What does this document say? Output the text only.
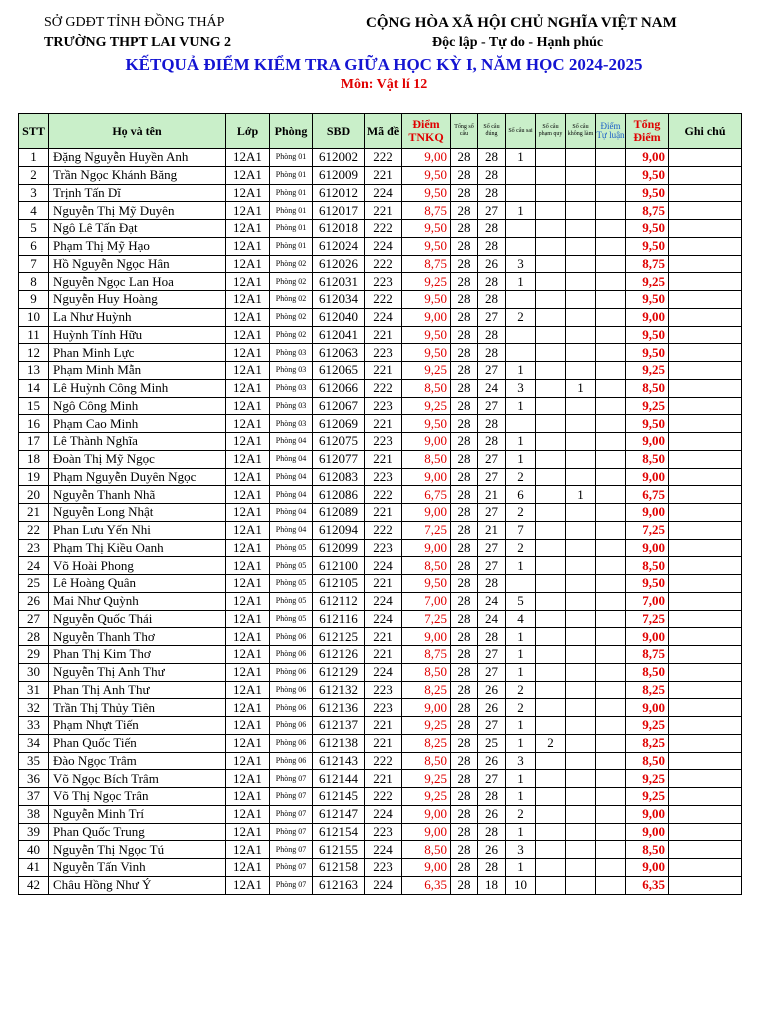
SỞ GDĐT TỈNH ĐỒNG THÁP
TRƯỜNG THPT LAI VUNG 2
CỘNG HÒA XÃ HỘI CHỦ NGHĨA VIỆT NAM
Độc lập - Tự do - Hạnh phúc
KẾTQUẢ ĐIỂM KIỂM TRA GIỮA HỌC KỲ I, NĂM HỌC 2024-2025
Môn: Vật lí 12
STT	Họ và tên	Lớp	Phòng	SBD	Mã đề	Điểm TNKQ	Tổng số câu	Số câu đúng	Số câu sai	Số câu phạm quy	Số câu không làm	Điểm Tự luận	Tổng Điểm	Ghi chú
1	Đặng Nguyễn Huyền Anh	12A1	Phòng 01	612002	222	9,00	28	28	1				9,00	
2	Trần Ngọc Khánh Băng	12A1	Phòng 01	612009	221	9,50	28	28					9,50	
3	Trịnh Tấn Dĩ	12A1	Phòng 01	612012	224	9,50	28	28					9,50	
4	Nguyễn Thị Mỹ Duyên	12A1	Phòng 01	612017	221	8,75	28	27	1				8,75	
5	Ngô Lê Tấn Đạt	12A1	Phòng 01	612018	222	9,50	28	28					9,50	
6	Phạm Thị Mỹ Hạo	12A1	Phòng 01	612024	224	9,50	28	28					9,50	
7	Hồ Nguyễn Ngọc Hân	12A1	Phòng 02	612026	222	8,75	28	26	3				8,75	
8	Nguyễn Ngọc Lan Hoa	12A1	Phòng 02	612031	223	9,25	28	28	1				9,25	
9	Nguyễn Huy Hoàng	12A1	Phòng 02	612034	222	9,50	28	28					9,50	
10	La Như Huỳnh	12A1	Phòng 02	612040	224	9,00	28	27	2				9,00	
11	Huỳnh Tính Hữu	12A1	Phòng 02	612041	221	9,50	28	28					9,50	
12	Phan Minh Lực	12A1	Phòng 03	612063	223	9,50	28	28					9,50	
13	Phạm Minh Mẫn	12A1	Phòng 03	612065	221	9,25	28	27	1				9,25	
14	Lê Huỳnh Công Minh	12A1	Phòng 03	612066	222	8,50	28	24	3		1		8,50	
15	Ngô Công Minh	12A1	Phòng 03	612067	223	9,25	28	27	1				9,25	
16	Phạm Cao Minh	12A1	Phòng 03	612069	221	9,50	28	28					9,50	
17	Lê Thành Nghĩa	12A1	Phòng 04	612075	223	9,00	28	28	1				9,00	
18	Đoàn Thị Mỹ Ngọc	12A1	Phòng 04	612077	221	8,50	28	27	1				8,50	
19	Phạm Nguyễn Duyên Ngọc	12A1	Phòng 04	612083	223	9,00	28	27	2				9,00	
20	Nguyễn Thanh Nhã	12A1	Phòng 04	612086	222	6,75	28	21	6		1		6,75	
21	Nguyễn Long Nhật	12A1	Phòng 04	612089	221	9,00	28	27	2				9,00	
22	Phan Lưu Yến Nhi	12A1	Phòng 04	612094	222	7,25	28	21	7				7,25	
23	Phạm Thị Kiều Oanh	12A1	Phòng 05	612099	223	9,00	28	27	2				9,00	
24	Võ Hoài Phong	12A1	Phòng 05	612100	224	8,50	28	27	1				8,50	
25	Lê Hoàng Quân	12A1	Phòng 05	612105	221	9,50	28	28					9,50	
26	Mai Như Quỳnh	12A1	Phòng 05	612112	224	7,00	28	24	5				7,00	
27	Nguyễn Quốc Thái	12A1	Phòng 05	612116	224	7,25	28	24	4				7,25	
28	Nguyễn Thanh Thơ	12A1	Phòng 06	612125	221	9,00	28	28	1				9,00	
29	Phan Thị Kim Thơ	12A1	Phòng 06	612126	221	8,75	28	27	1				8,75	
30	Nguyễn Thị Anh Thư	12A1	Phòng 06	612129	224	8,50	28	27	1				8,50	
31	Phan Thị Anh Thư	12A1	Phòng 06	612132	223	8,25	28	26	2				8,25	
32	Trần Thị Thủy Tiên	12A1	Phòng 06	612136	223	9,00	28	26	2				9,00	
33	Phạm Nhựt Tiến	12A1	Phòng 06	612137	221	9,25	28	27	1				9,25	
34	Phan Quốc Tiến	12A1	Phòng 06	612138	221	8,25	28	25	1	2			8,25	
35	Đào Ngọc Trâm	12A1	Phòng 06	612143	222	8,50	28	26	3				8,50	
36	Võ Ngọc Bích Trâm	12A1	Phòng 07	612144	221	9,25	28	27	1				9,25	
37	Võ Thị Ngọc Trân	12A1	Phòng 07	612145	222	9,25	28	28	1				9,25	
38	Nguyễn Minh Trí	12A1	Phòng 07	612147	224	9,00	28	26	2				9,00	
39	Phan Quốc Trung	12A1	Phòng 07	612154	223	9,00	28	28	1				9,00	
40	Nguyễn Thị Ngọc Tú	12A1	Phòng 07	612155	224	8,50	28	26	3				8,50	
41	Nguyễn Tấn Vinh	12A1	Phòng 07	612158	223	9,00	28	28	1				9,00	
42	Châu Hồng Như Ý	12A1	Phòng 07	612163	224	6,35	28	18	10				6,35	
